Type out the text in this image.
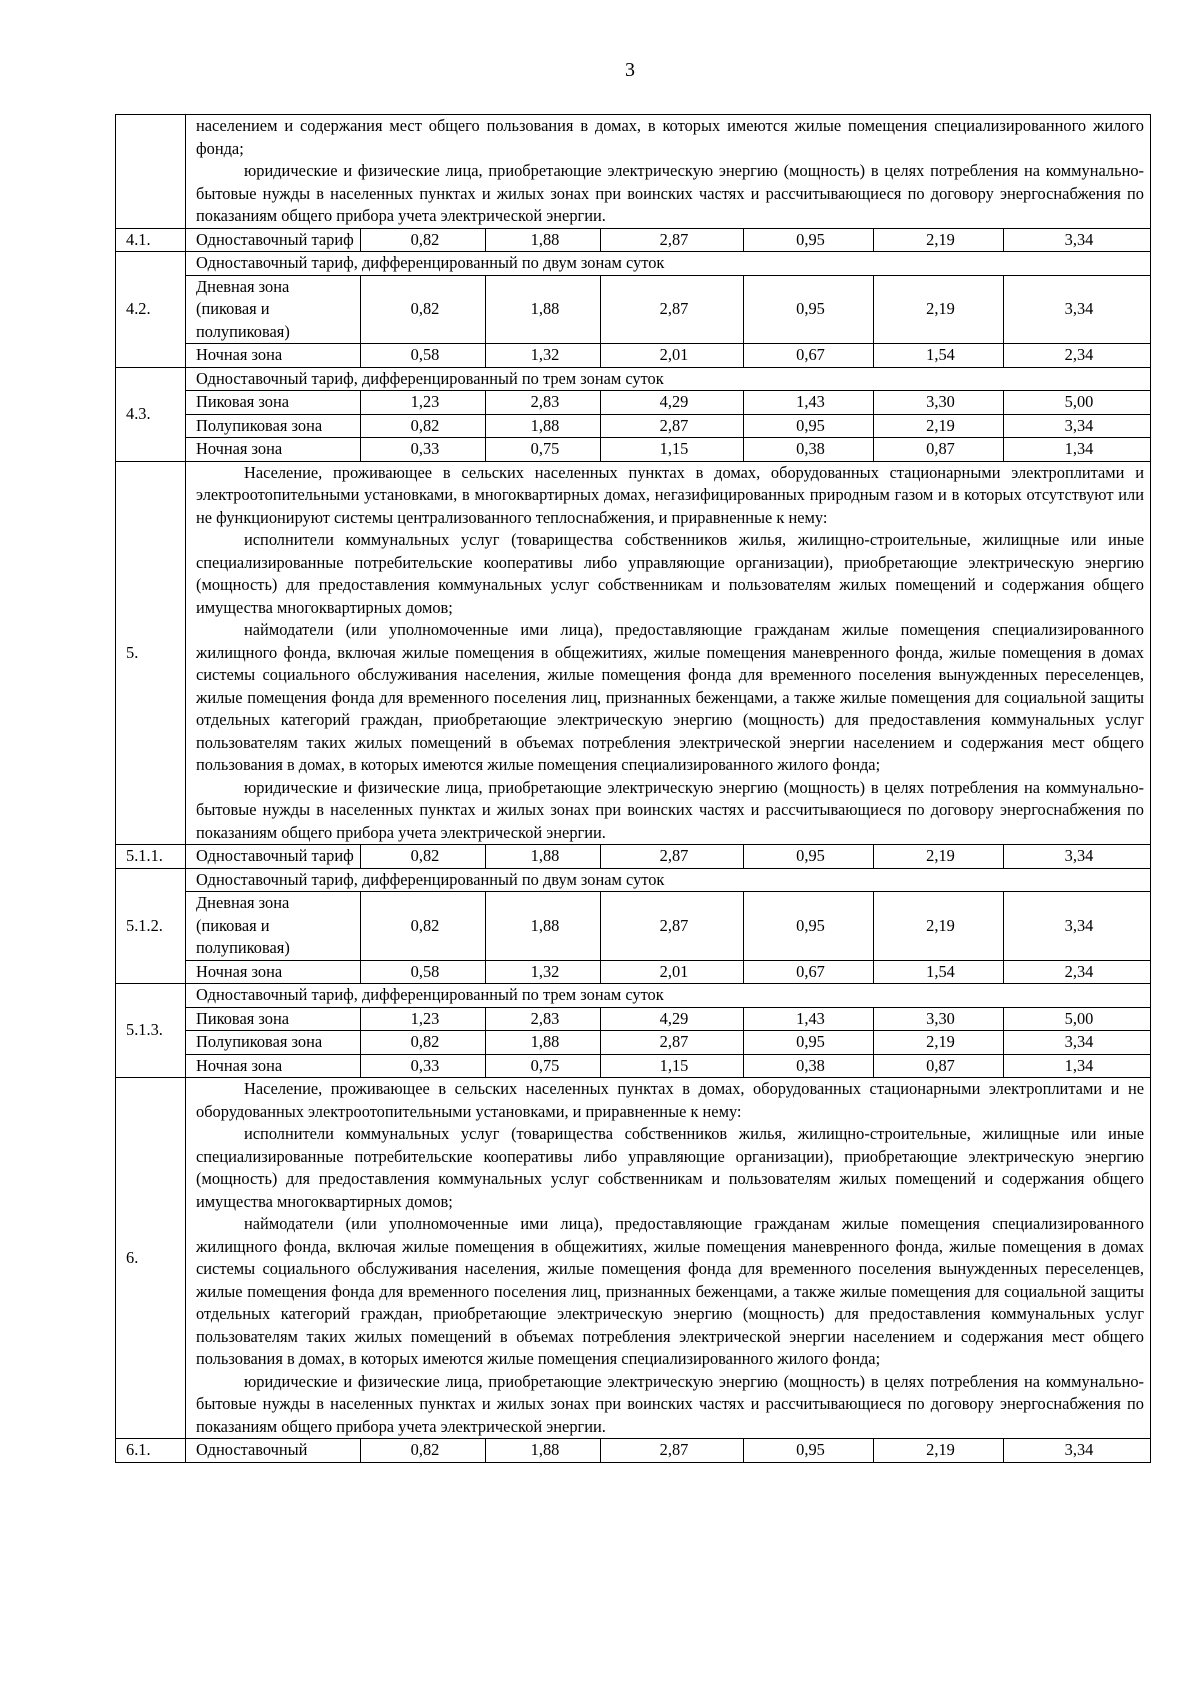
3

	населением и содержания мест общего пользования в домах, в которых имеются жилые помещения специализированного жилого фонда;

юридические и физические лица, приобретающие электрическую энергию (мощность) в целях потребления на коммунально-бытовые нужды в населенных пунктах и жилых зонах при воинских частях и рассчитывающиеся по договору энергоснабжения по показаниям общего прибора учета электрической энергии.						

4.1.	Одноставочный тариф	0,82	1,88	2,87	0,95	2,19	3,34
4.2.	Одноставочный тариф, дифференцированный по двум зонам суток						
	Дневная зона (пиковая и полупиковая)	0,82	1,88	2,87	0,95	2,19	3,34
	Ночная зона	0,58	1,32	2,01	0,67	1,54	2,34
4.3.	Одноставочный тариф, дифференцированный по трем зонам суток						
	Пиковая зона	1,23	2,83	4,29	1,43	3,30	5,00
	Полупиковая зона	0,82	1,88	2,87	0,95	2,19	3,34
	Ночная зона	0,33	0,75	1,15	0,38	0,87	1,34
5.	Население, проживающее в сельских населенных пунктах в домах, оборудованных стационарными электроплитами и электроотопительными установками, в многоквартирных домах, негазифицированных природным газом и в которых отсутствуют или не функционируют системы централизованного теплоснабжения, и приравненные к нему:

исполнители коммунальных услуг (товарищества собственников жилья, жилищно-строительные, жилищные или иные специализированные потребительские кооперативы либо управляющие организации), приобретающие электрическую энергию (мощность) для предоставления коммунальных услуг собственникам и пользователям жилых помещений и содержания общего имущества многоквартирных домов;

наймодатели (или уполномоченные ими лица), предоставляющие гражданам жилые помещения специализированного жилищного фонда, включая жилые помещения в общежитиях, жилые помещения маневренного фонда, жилые помещения в домах системы социального обслуживания населения, жилые помещения фонда для временного поселения вынужденных переселенцев, жилые помещения фонда для временного поселения лиц, признанных беженцами, а также жилые помещения для социальной защиты отдельных категорий граждан, приобретающие электрическую энергию (мощность) для предоставления коммунальных услуг пользователям таких жилых помещений в объемах потребления электрической энергии населением и содержания мест общего пользования в домах, в которых имеются жилые помещения специализированного жилого фонда;

юридические и физические лица, приобретающие электрическую энергию (мощность) в целях потребления на коммунально-бытовые нужды в населенных пунктах и жилых зонах при воинских частях и рассчитывающиеся по договору энергоснабжения по показаниям общего прибора учета электрической энергии.						

5.1.1.	Одноставочный тариф	0,82	1,88	2,87	0,95	2,19	3,34
5.1.2.	Одноставочный тариф, дифференцированный по двум зонам суток						
	Дневная зона (пиковая и полупиковая)	0,82	1,88	2,87	0,95	2,19	3,34
	Ночная зона	0,58	1,32	2,01	0,67	1,54	2,34
5.1.3.	Одноставочный тариф, дифференцированный по трем зонам суток						
	Пиковая зона	1,23	2,83	4,29	1,43	3,30	5,00
	Полупиковая зона	0,82	1,88	2,87	0,95	2,19	3,34
	Ночная зона	0,33	0,75	1,15	0,38	0,87	1,34
6.	Население, проживающее в сельских населенных пунктах в домах, оборудованных стационарными электроплитами и не оборудованных электроотопительными установками, и приравненные к нему:

исполнители коммунальных услуг (товарищества собственников жилья, жилищно-строительные, жилищные или иные специализированные потребительские кооперативы либо управляющие организации), приобретающие электрическую энергию (мощность) для предоставления коммунальных услуг собственникам и пользователям жилых помещений и содержания общего имущества многоквартирных домов;

наймодатели (или уполномоченные ими лица), предоставляющие гражданам жилые помещения специализированного жилищного фонда, включая жилые помещения в общежитиях, жилые помещения маневренного фонда, жилые помещения в домах системы социального обслуживания населения, жилые помещения фонда для временного поселения вынужденных переселенцев, жилые помещения фонда для временного поселения лиц, признанных беженцами, а также жилые помещения для социальной защиты отдельных категорий граждан, приобретающие электрическую энергию (мощность) для предоставления коммунальных услуг пользователям таких жилых помещений в объемах потребления электрической энергии населением и содержания мест общего пользования в домах, в которых имеются жилые помещения специализированного жилого фонда;

юридические и физические лица, приобретающие электрическую энергию (мощность) в целях потребления на коммунально-бытовые нужды в населенных пунктах и жилых зонах при воинских частях и рассчитывающиеся по договору энергоснабжения по показаниям общего прибора учета электрической энергии.						

6.1.	Одноставочный	0,82	1,88	2,87	0,95	2,19	3,34
